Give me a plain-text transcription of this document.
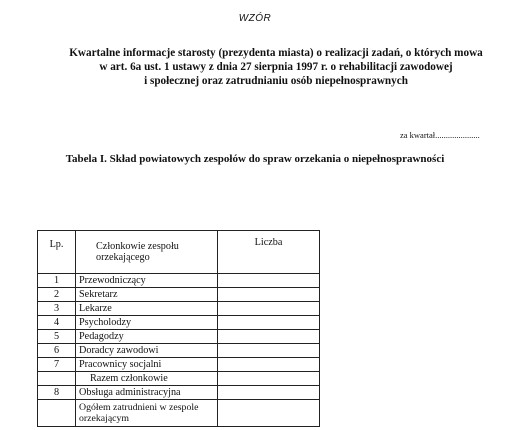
WZÓR
Kwartalne informacje starosty (prezydenta miasta) o realizacji zadań, o których mowa
w art. 6a ust. 1 ustawy z dnia 27 sierpnia 1997 r. o rehabilitacji zawodowej
i społecznej oraz zatrudnianiu osób niepełnosprawnych
za kwartał.....................
Tabela I. Skład powiatowych zespołów do spraw orzekania o niepełnosprawności
Lp.	Członkowie zespołu orzekającego	Liczba
1	Przewodniczący	
2	Sekretarz	
3	Lekarze	
4	Psycholodzy	
5	Pedagodzy	
6	Doradcy zawodowi	
7	Pracownicy socjalni	
	Razem członkowie	
8	Obsługa administracyjna	
	Ogółem zatrudnieni w zespole orzekającym	
